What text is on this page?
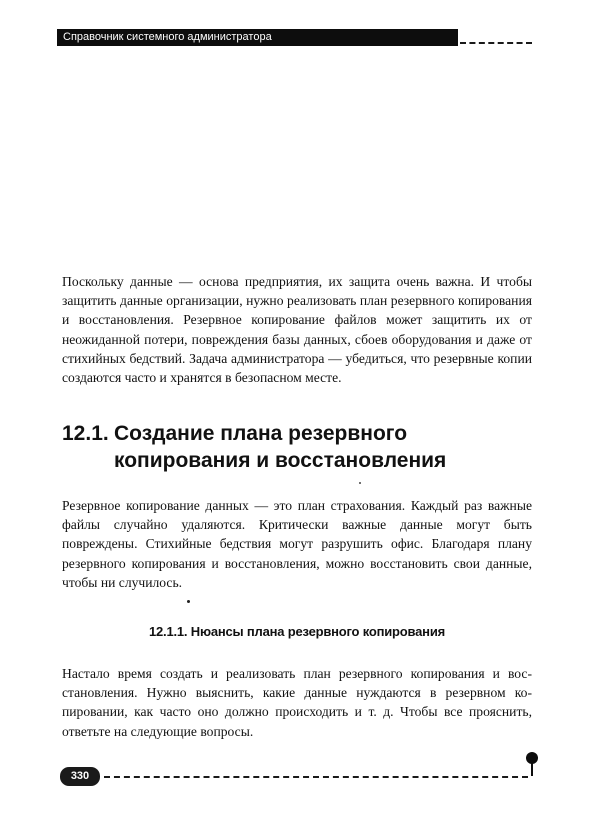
Справочник системного администратора

Поскольку данные — основа предприятия, их защита очень важна. И чтобы защитить данные организации, нужно реализовать план резервного копирования и восстановления. Резервное копирование файлов может защитить их от неожиданной потери, повреждения базы данных, сбоев оборудования и даже от стихийных бедствий. Задача администратора — убедиться, что резервные копии создаются часто и хранятся в безопасном месте.

12.1. Создание плана резервного
копирования и восстановления

Резервное копирование данных — это план страхования. Каждый раз важные файлы случайно удаляются. Критически важные данные могут быть повреждены. Стихийные бедствия могут разрушить офис. Благодаря плану резервного копирования и восстановления, можно восстановить свои данные, чтобы ни случилось.

12.1.1. Нюансы плана резервного копирования

Настало время создать и реализовать план резервного копирования и восстановления. Нужно выяснить, какие данные нуждаются в резервном копировании, как часто оно должно происходить и т. д. Чтобы все прояснить, ответьте на следующие вопросы.

330
